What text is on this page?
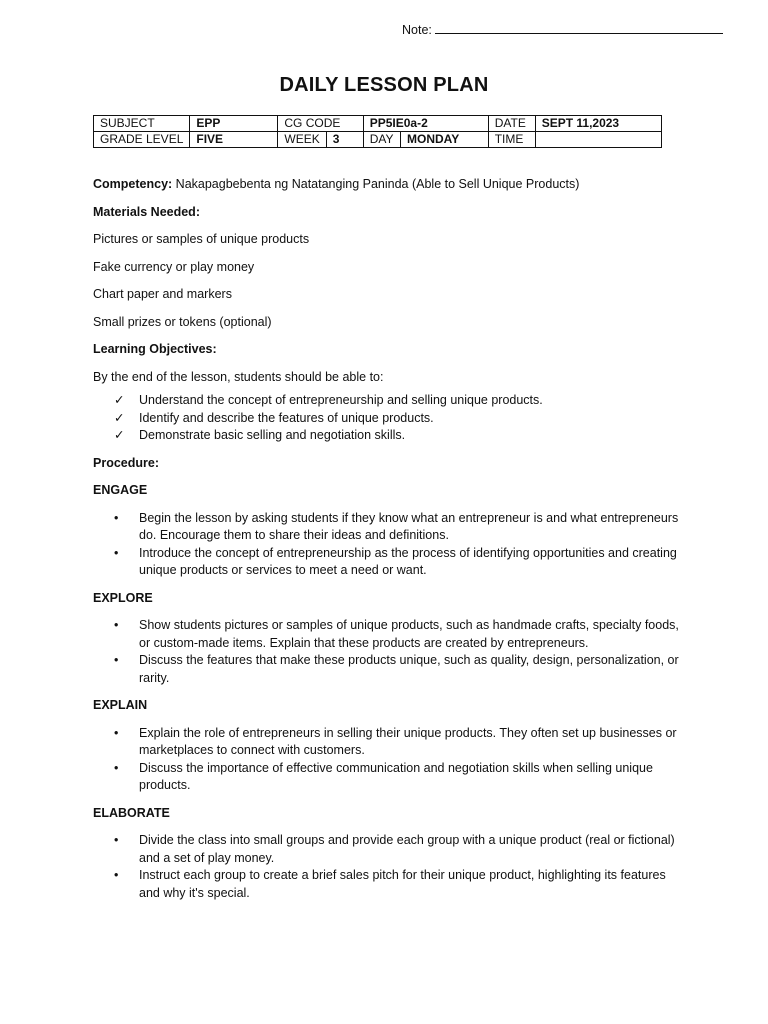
Note:
DAILY LESSON PLAN
SUBJECT	EPP	CG CODE		PP5IE0a-2		DATE	SEPT 11,2023
GRADE LEVEL	FIVE	WEEK	3	DAY	MONDAY	TIME	

Competency: Nakapagbebenta ng Natatanging Paninda (Able to Sell Unique Products)

Materials Needed:

Pictures or samples of unique products

Fake currency or play money

Chart paper and markers

Small prizes or tokens (optional)

Learning Objectives:

By the end of the lesson, students should be able to:

✓ Understand the concept of entrepreneurship and selling unique products.
✓ Identify and describe the features of unique products.
✓ Demonstrate basic selling and negotiation skills.

Procedure:

ENGAGE
• Begin the lesson by asking students if they know what an entrepreneur is and what entrepreneurs do. Encourage them to share their ideas and definitions.
• Introduce the concept of entrepreneurship as the process of identifying opportunities and creating unique products or services to meet a need or want.
EXPLORE
• Show students pictures or samples of unique products, such as handmade crafts, specialty foods, or custom-made items. Explain that these products are created by entrepreneurs.
• Discuss the features that make these products unique, such as quality, design, personalization, or rarity.
EXPLAIN
• Explain the role of entrepreneurs in selling their unique products. They often set up businesses or marketplaces to connect with customers.
• Discuss the importance of effective communication and negotiation skills when selling unique products.
ELABORATE
• Divide the class into small groups and provide each group with a unique product (real or fictional) and a set of play money.
• Instruct each group to create a brief sales pitch for their unique product, highlighting its features and why it's special.
